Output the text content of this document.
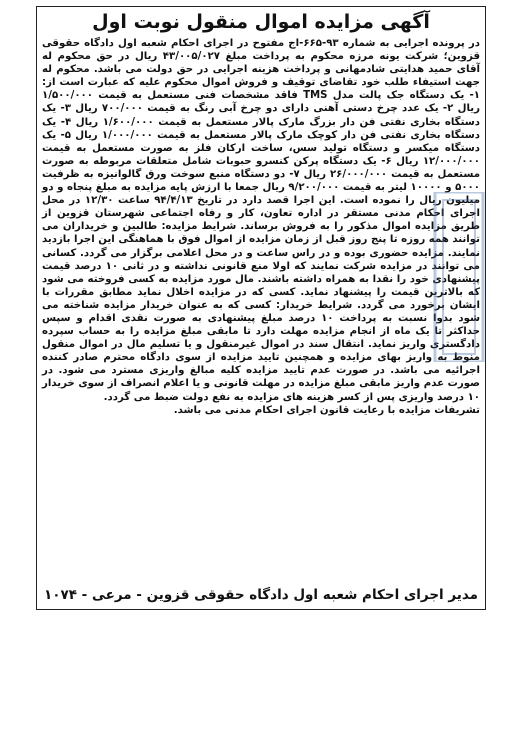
آگهی مزایده اموال منقول نوبت اول

در پرونده اجرایی به شماره ۹۳-۶۶۵-اج مفتوح در اجرای احکام شعبه اول دادگاه حقوقی قزوین؛ شرکت یونه مرزه محکوم به پرداخت مبلغ ۴۳/۰۰۵/۰۲۷ ریال در حق محکوم له آقای حمید هدایتی شادمهانی و پرداخت هزینه اجرایی در حق دولت می باشد. محکوم له جهت استیفاء طلب خود تقاضای توقیف و فروش اموال محکوم علیه که عبارت است از: ۱- یک دستگاه جک پالت مدل TMS فاقد مشخصات فنی مستعمل به قیمت ۱/۵۰۰/۰۰۰ ریال ۲- یک عدد چرخ دستی آهنی دارای دو چرخ آبی رنگ به قیمت ۷۰۰/۰۰۰ ریال ۳- یک دستگاه بخاری نفتی فن دار بزرگ مارک پالار مستعمل به قیمت ۱/۶۰۰/۰۰۰ ریال ۴- یک دستگاه بخاری نفتی فن دار کوچک مارک پالار مستعمل به قیمت ۱/۰۰۰/۰۰۰ ریال ۵- یک دستگاه میکسر و دستگاه تولید سس، ساخت ارکان فلز به صورت مستعمل به قیمت ۱۲/۰۰۰/۰۰۰ ریال ۶- یک دستگاه پرکن کنسرو حبوبات شامل متعلقات مربوطه به صورت مستعمل به قیمت ۲۶/۰۰۰/۰۰۰ ریال ۷- دو دستگاه منبع سوخت ورق گالوانیزه به ظرفیت ۵۰۰۰ و ۱۰۰۰۰ لیتر به قیمت ۹/۲۰۰/۰۰۰ ریال جمعا با ارزش پایه مزایده به مبلغ پنجاه و دو میلیون ریال را نموده است. این اجرا قصد دارد در تاریخ ۹۴/۴/۱۳ ساعت ۱۲/۳۰ در محل اجرای احکام مدنی مستقر در اداره تعاون، کار و رفاه اجتماعی شهرستان قزوین از طریق مزایده اموال مذکور را به فروش برساند. شرایط مزایده: طالبین و خریداران می توانند همه روزه تا پنج روز قبل از زمان مزایده از اموال فوق با هماهنگی این اجرا بازدید نمایند. مزایده حضوری بوده و در راس ساعت و در محل اعلامی برگزار می گردد. کسانی می توانند در مزایده شرکت نمایند که اولا منع قانونی نداشته و در ثانی ۱۰ درصد قیمت پیشنهادی خود را نقدا به همراه داشته باشند. مال مورد مزایده به کسی فروخته می شود که بالاترین قیمت را پیشنهاد نماید. کسی که در مزایده اخلال نماید مطابق مقررات با ایشان برخورد می گردد. شرایط خریدار: کسی که به عنوان خریدار مزایده شناخته می شود بدوا نسبت به پرداخت ۱۰ درصد مبلغ پیشنهادی به صورت نقدی اقدام و سپس حداکثر تا یک ماه از انجام مزایده مهلت دارد تا مابقی مبلغ مزایده را به حساب سپرده دادگستری واریز نماید. انتقال سند در اموال غیرمنقول و یا تسلیم مال در اموال منقول منوط به واریز بهای مزایده و همچنین تایید مزایده از سوی دادگاه محترم صادر کننده اجرائیه می باشد. در صورت عدم تایید مزایده کلیه مبالغ واریزی مسترد می شود. در صورت عدم واریز مابقی مبلغ مزایده در مهلت قانونی و یا اعلام انصراف از سوی خریدار ۱۰ درصد واریزی پس از کسر هزینه های مزایده به نفع دولت ضبط می گردد.

تشریفات مزایده با رعایت قانون اجرای احکام مدنی می باشد.

مدیر اجرای احکام شعبه اول دادگاه حقوقی قزوین - مرعی - ۱۰۷۴
